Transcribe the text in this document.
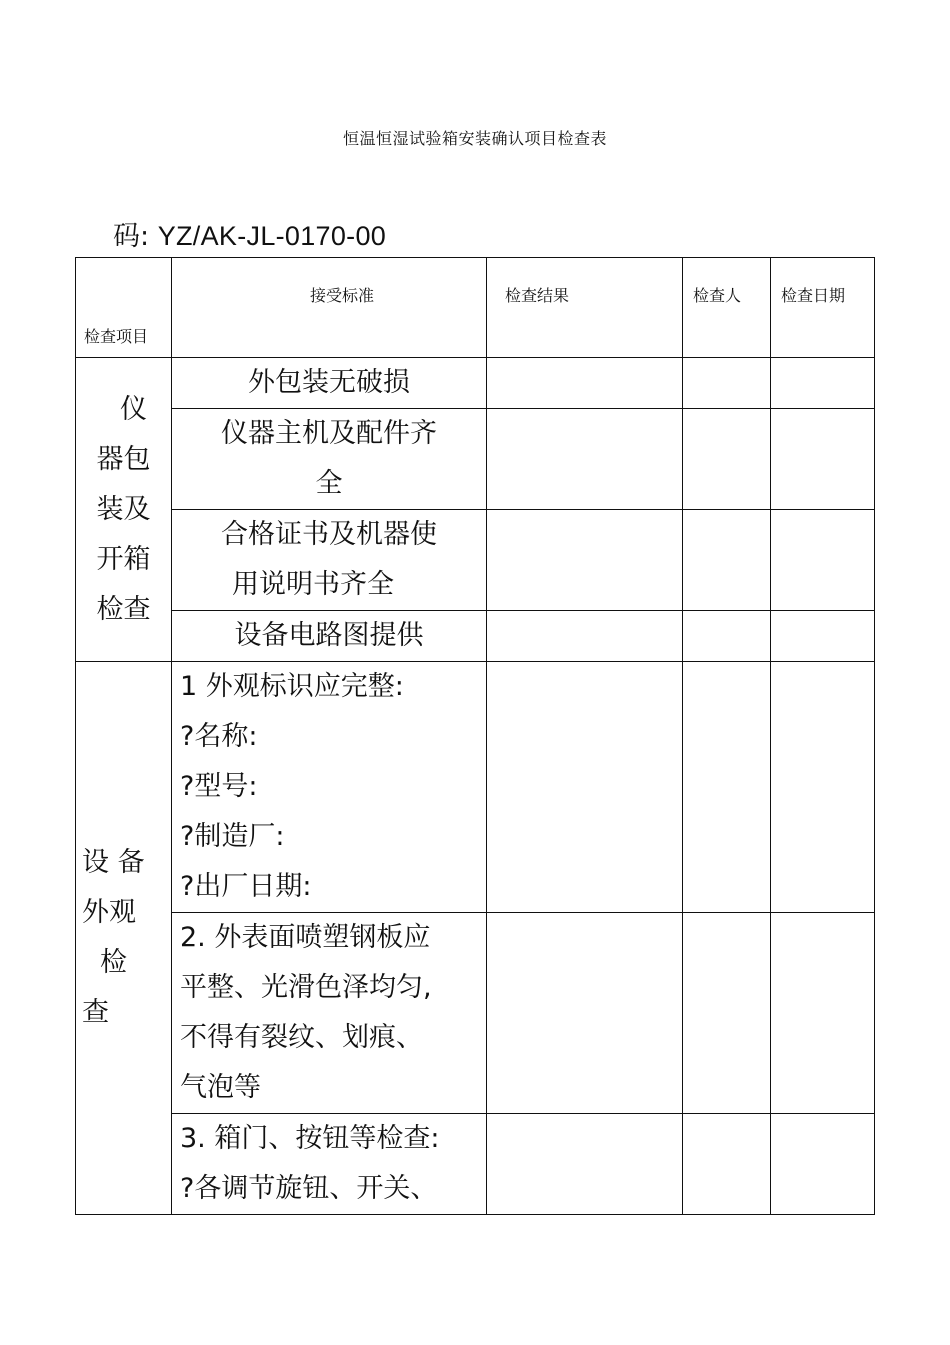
恒温恒湿试验箱安装确认项目检查表
码: YZ/AK-JL-0170-00
检查项目	接受标准	检查结果	检查人	检查日期

仪
器包
装及
开箱
检查	外包装无破损			

	仪器主机及配件齐
全			

	合格证书及机器使
用说明书齐全			

	设备电路图提供			

设 备
外观
检
查	1 外观标识应完整:
?名称:
?型号:
?制造厂:
?出厂日期:			

	2. 外表面喷塑钢板应
平整、光滑色泽均匀,
不得有裂纹、划痕、
气泡等			

	3. 箱门、按钮等检查:
?各调节旋钮、开关、			
